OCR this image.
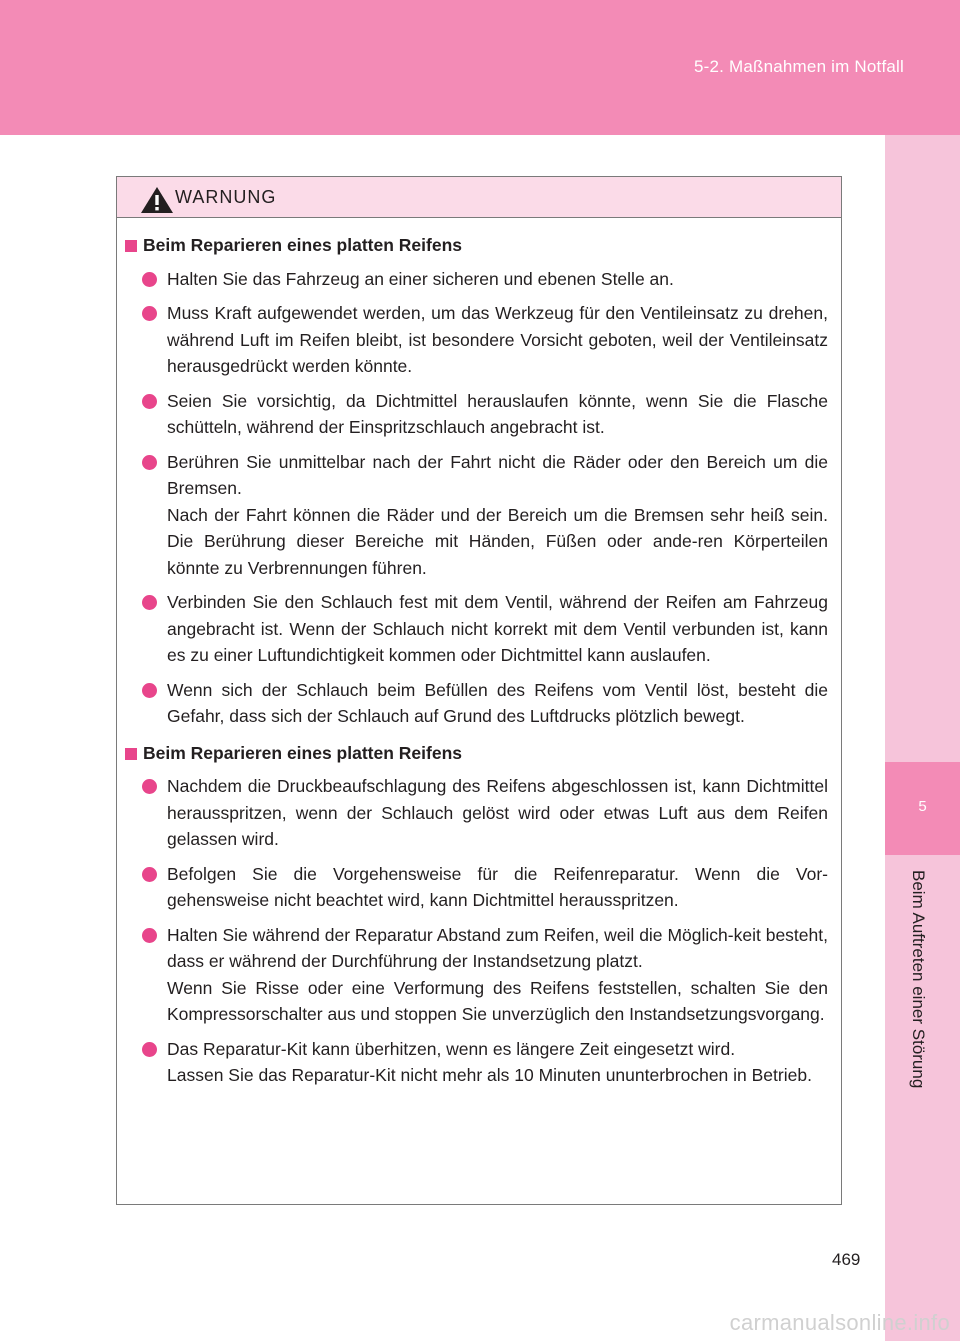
5-2. Maßnahmen im Notfall
5
Beim Auftreten einer Störung
WARNUNG
Beim Reparieren eines platten Reifens

Halten Sie das Fahrzeug an einer sicheren und ebenen Stelle an.

Muss Kraft aufgewendet werden, um das Werkzeug für den Ventileinsatz zu drehen, während Luft im Reifen bleibt, ist besondere Vorsicht geboten, weil der Ventileinsatz herausgedrückt werden könnte.

Seien Sie vorsichtig, da Dichtmittel herauslaufen könnte, wenn Sie die Flasche schütteln, während der Einspritzschlauch angebracht ist.

Berühren Sie unmittelbar nach der Fahrt nicht die Räder oder den Bereich um die Bremsen.

Nach der Fahrt können die Räder und der Bereich um die Bremsen sehr heiß sein. Die Berührung dieser Bereiche mit Händen, Füßen oder ande-ren Körperteilen könnte zu Verbrennungen führen.

Verbinden Sie den Schlauch fest mit dem Ventil, während der Reifen am Fahrzeug angebracht ist. Wenn der Schlauch nicht korrekt mit dem Ventil verbunden ist, kann es zu einer Luftundichtigkeit kommen oder Dichtmittel kann auslaufen.

Wenn sich der Schlauch beim Befüllen des Reifens vom Ventil löst, besteht die Gefahr, dass sich der Schlauch auf Grund des Luftdrucks plötzlich bewegt.

Beim Reparieren eines platten Reifens

Nachdem die Druckbeaufschlagung des Reifens abgeschlossen ist, kann Dichtmittel herausspritzen, wenn der Schlauch gelöst wird oder etwas Luft aus dem Reifen gelassen wird.

Befolgen Sie die Vorgehensweise für die Reifenreparatur. Wenn die Vor-gehensweise nicht beachtet wird, kann Dichtmittel herausspritzen.

Halten Sie während der Reparatur Abstand zum Reifen, weil die Möglich-keit besteht, dass er während der Durchführung der Instandsetzung platzt.

Wenn Sie Risse oder eine Verformung des Reifens feststellen, schalten Sie den Kompressorschalter aus und stoppen Sie unverzüglich den Instandsetzungsvorgang.

Das Reparatur-Kit kann überhitzen, wenn es längere Zeit eingesetzt wird.

Lassen Sie das Reparatur-Kit nicht mehr als 10 Minuten ununterbrochen in Betrieb.

469
carmanualsonline.info
